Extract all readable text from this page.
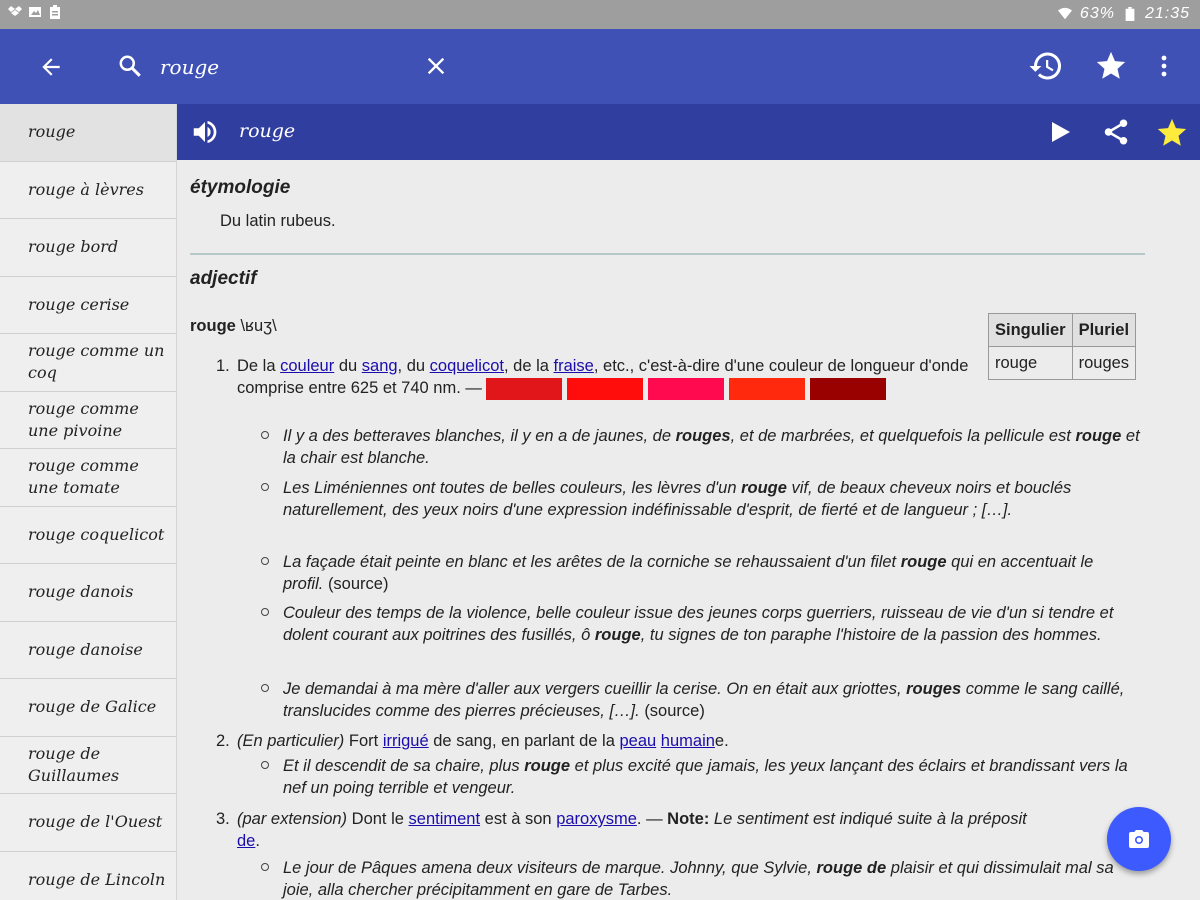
63% 21:35
rouge
rouge
rouge à lèvres
rouge bord
rouge cerise
rouge comme un coq
rouge comme une pivoine
rouge comme une tomate
rouge coquelicot
rouge danois
rouge danoise
rouge de Galice
rouge de Guillaumes
rouge de l'Ouest
rouge de Lincoln
rouge
étymologie
Du latin rubeus.
adjectif
rouge \ʁuʒ\	Singulier	Pluriel
rouge	rouges
1. De la couleur du sang, du coquelicot, de la fraise, etc., c'est-à-dire d'une couleur de longueur d'onde comprise entre 625 et 740 nm. —
Il y a des betteraves blanches, il y en a de jaunes, de rouges, et de marbrées, et quelquefois la pellicule est rouge et la chair est blanche.
Les Liméniennes ont toutes de belles couleurs, les lèvres d'un rouge vif, de beaux cheveux noirs et bouclés naturellement, des yeux noirs d'une expression indéfinissable d'esprit, de fierté et de langueur ; […].
La façade était peinte en blanc et les arêtes de la corniche se rehaussaient d'un filet rouge qui en accentuait le profil. (source)
Couleur des temps de la violence, belle couleur issue des jeunes corps guerriers, ruisseau de vie d'un si tendre et dolent courant aux poitrines des fusillés, ô rouge, tu signes de ton paraphe l'histoire de la passion des hommes.
Je demandai à ma mère d'aller aux vergers cueillir la cerise. On en était aux griottes, rouges comme le sang caillé, translucides comme des pierres précieuses, […]. (source)
2. (En particulier) Fort irrigué de sang, en parlant de la peau humaine.
Et il descendit de sa chaire, plus rouge et plus excité que jamais, les yeux lançant des éclairs et brandissant vers la nef un poing terrible et vengeur.
3. (par extension) Dont le sentiment est à son paroxysme. — Note: Le sentiment est indiqué suite à la préposit
de.
Le jour de Pâques amena deux visiteurs de marque. Johnny, que Sylvie, rouge de plaisir et qui dissimulait mal sa joie, alla chercher précipitamment en gare de Tarbes.
